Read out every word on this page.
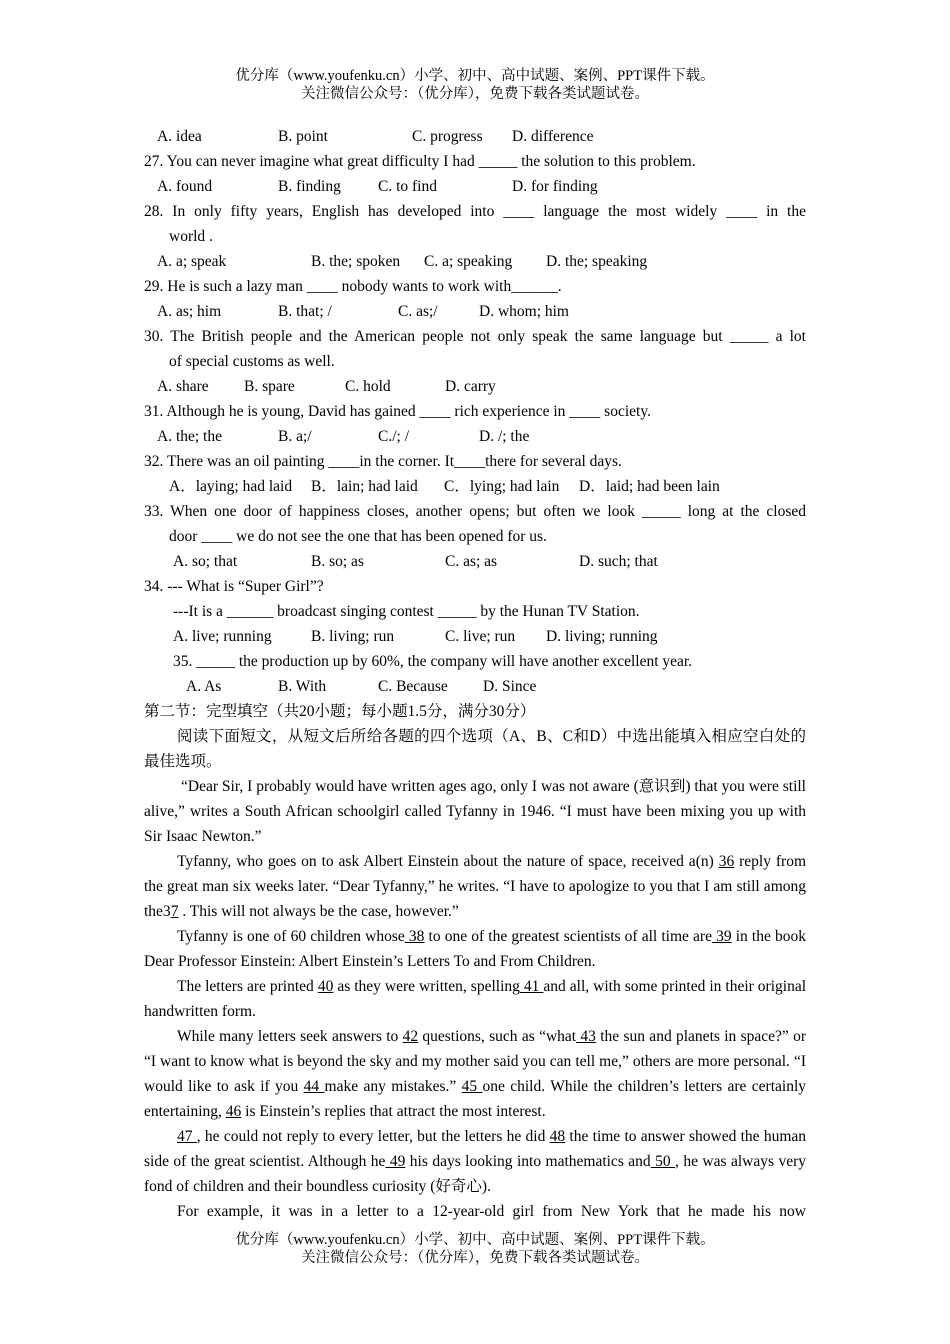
优分库（www.youfenku.cn）小学、初中、高中试题、案例、PPT课件下载。
关注微信公众号：（优分库），免费下载各类试题试卷。
A. idea	B. point	C. progress D. difference
27. You can never imagine what great difficulty I had _____ the solution to this problem.
A. found	B. finding C. to find	D. for finding
28. In only fifty years, English has developed into ____ language the most widely ____ in the
world .
A. a; speak	B. the; spoken C. a; speaking D. the; speaking
29. He is such a lazy man ____ nobody wants to work with______.
A. as; him	B. that; /	C. as;/	D. whom; him
30. The British people and the American people not only speak the same language but _____ a lot
of special customs as well.
A. share B. spare	C. hold	D. carry
31. Although he is young, David has gained ____ rich experience in ____ society.
A. the; the	B. a;/	C./; /	D. /; the
32. There was an oil painting ____in the corner. It____there for several days.
A．laying; had laid B．lain; had laid C．lying; had lain D．laid; had been lain
33. When one door of happiness closes, another opens; but often we look _____ long at the closed
door ____ we do not see the one that has been opened for us.
A. so; that	B. so; as	C. as; as	D. such; that
34. --- What is “Super Girl”?
---It is a ______ broadcast singing contest _____ by the Hunan TV Station.
A. live; running	B. living; run	C. live; run D. living; running
35. _____ the production up by 60%, the company will have another excellent year.
A. As	B. With	C. Because D. Since
第二节：完型填空（共20小题；每小题1.5分，满分30分）
阅读下面短文，从短文后所给各题的四个选项（A、B、C和D）中选出能填入相应空白处的最佳选项。
“Dear Sir, I probably would have written ages ago, only I was not aware (意识到) that you were still alive,” writes a South African schoolgirl called Tyfanny in 1946. “I must have been mixing you up with Sir Isaac Newton.”
Tyfanny, who goes on to ask Albert Einstein about the nature of space, received a(n) 36 reply from the great man six weeks later. “Dear Tyfanny,” he writes. “I have to apologize to you that I am still among the37 . This will not always be the case, however.”
Tyfanny is one of 60 children whose 38 to one of the greatest scientists of all time are 39 in the book Dear Professor Einstein: Albert Einstein’s Letters To and From Children.
The letters are printed 40 as they were written, spelling 41 and all, with some printed in their original handwritten form.
While many letters seek answers to 42 questions, such as “what 43 the sun and planets in space?” or “I want to know what is beyond the sky and my mother said you can tell me,” others are more personal. “I would like to ask if you 44 make any mistakes.” 45 one child. While the children’s letters are certainly entertaining, 46 is Einstein’s replies that attract the most interest.
47 , he could not reply to every letter, but the letters he did 48 the time to answer showed the human side of the great scientist. Although he 49 his days looking into mathematics and 50 , he was always very fond of children and their boundless curiosity (好奇心).
For example, it was in a letter to a 12-year-old girl from New York that he made his now
优分库（www.youfenku.cn）小学、初中、高中试题、案例、PPT课件下载。
关注微信公众号：（优分库），免费下载各类试题试卷。
